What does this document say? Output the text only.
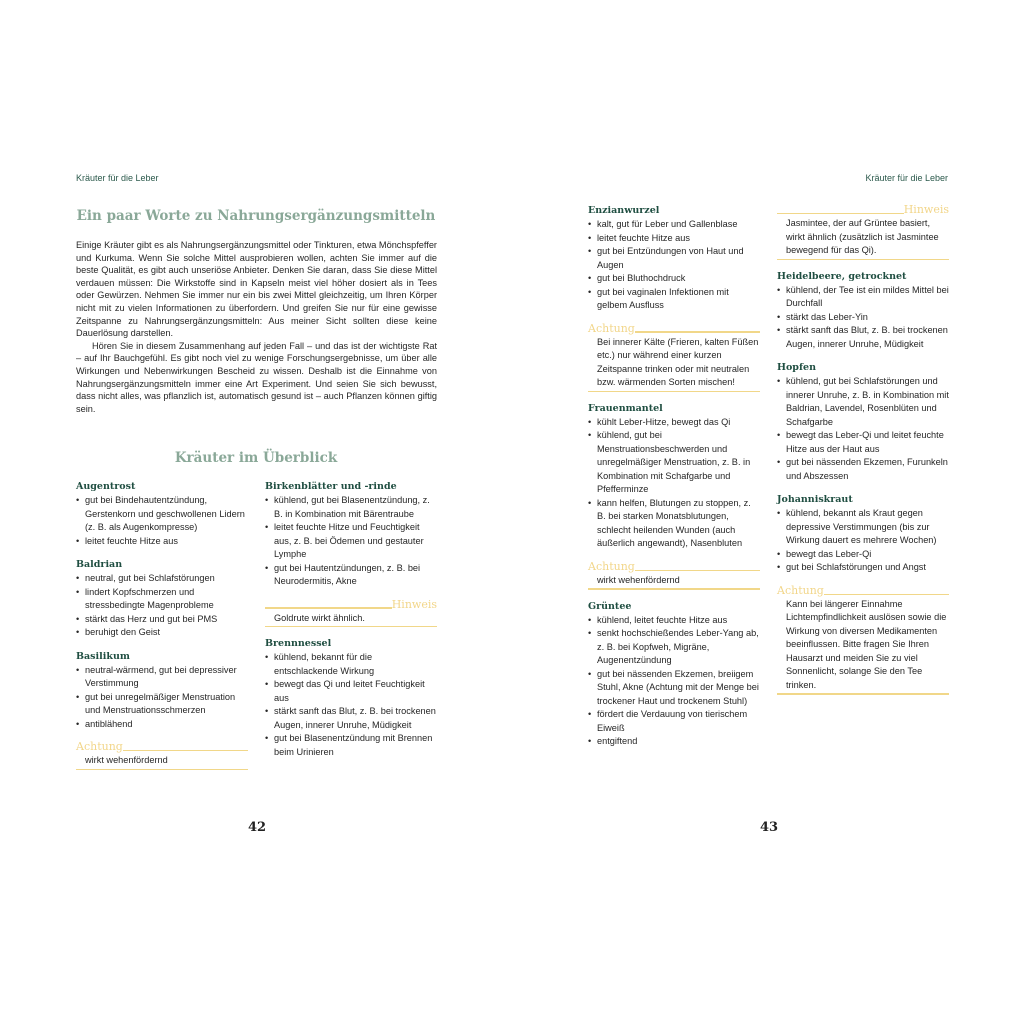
Kräuter für die Leber
Ein paar Worte zu Nahrungsergänzungsmitteln

Einige Kräuter gibt es als Nahrungsergänzungsmittel oder Tinkturen, etwa Mönchspfeffer und Kurkuma. Wenn Sie solche Mittel ausprobieren wollen, achten Sie immer auf die beste Qualität, es gibt auch unseriöse Anbieter. Denken Sie daran, dass Sie diese Mittel verdauen müssen: Die Wirkstoffe sind in Kapseln meist viel höher dosiert als in Tees oder Gewürzen. Nehmen Sie immer nur ein bis zwei Mittel gleichzeitig, um Ihren Körper nicht mit zu vielen Informationen zu überfordern. Und greifen Sie nur für eine gewisse Zeitspanne zu Nahrungsergänzungsmitteln: Aus meiner Sicht sollten diese keine Dauerlösung darstellen.

Hören Sie in diesem Zusammenhang auf jeden Fall – und das ist der wichtigste Rat – auf Ihr Bauchgefühl. Es gibt noch viel zu wenige Forschungsergebnisse, um über alle Wirkungen und Nebenwirkungen Bescheid zu wissen. Deshalb ist die Einnahme von Nahrungsergänzungsmitteln immer eine Art Experiment. Und seien Sie sich bewusst, dass nicht alles, was pflanzlich ist, automatisch gesund ist – auch Pflanzen können giftig sein.

Kräuter im Überblick
Augentrost
• gut bei Bindehautentzündung, Gerstenkorn und geschwollenen Lidern (z. B. als Augenkompresse)
• leitet feuchte Hitze aus
Baldrian
• neutral, gut bei Schlafstörungen
• lindert Kopfschmerzen und stressbedingte Magenprobleme
• stärkt das Herz und gut bei PMS
• beruhigt den Geist
Basilikum
• neutral-wärmend, gut bei depressiver Verstimmung
• gut bei unregelmäßiger Menstruation und Menstruationsschmerzen
• antiblähend
Achtung
wirkt wehenfördernd
Birkenblätter und -rinde
• kühlend, gut bei Blasenentzündung, z. B. in Kombination mit Bärentraube
• leitet feuchte Hitze und Feuchtigkeit aus, z. B. bei Ödemen und gestauter Lymphe
• gut bei Hautentzündungen, z. B. bei Neurodermitis, Akne
Hinweis
Goldrute wirkt ähnlich.
Brennnessel
• kühlend, bekannt für die entschlackende Wirkung
• bewegt das Qi und leitet Feuchtigkeit aus
• stärkt sanft das Blut, z. B. bei trockenen Augen, innerer Unruhe, Müdigkeit
• gut bei Blasenentzündung mit Brennen beim Urinieren
42
Kräuter für die Leber
Enzianwurzel
• kalt, gut für Leber und Gallenblase
• leitet feuchte Hitze aus
• gut bei Entzündungen von Haut und Augen
• gut bei Bluthochdruck
• gut bei vaginalen Infektionen mit gelbem Ausfluss
Achtung
Bei innerer Kälte (Frieren, kalten Füßen etc.) nur während einer kurzen Zeitspanne trinken oder mit neutralen bzw. wärmenden Sorten mischen!
Frauenmantel
• kühlt Leber-Hitze, bewegt das Qi
• kühlend, gut bei Menstruationsbeschwerden und unregelmäßiger Menstruation, z. B. in Kombination mit Schafgarbe und Pfefferminze
• kann helfen, Blutungen zu stoppen, z. B. bei starken Monatsblutungen, schlecht heilenden Wunden (auch äußerlich angewandt), Nasenbluten
Achtung
wirkt wehenfördernd
Grüntee
• kühlend, leitet feuchte Hitze aus
• senkt hochschießendes Leber-Yang ab, z. B. bei Kopfweh, Migräne, Augenentzündung
• gut bei nässenden Ekzemen, breiigem Stuhl, Akne (Achtung mit der Menge bei trockener Haut und trockenem Stuhl)
• fördert die Verdauung von tierischem Eiweiß
• entgiftend
Hinweis
Jasmintee, der auf Grüntee basiert, wirkt ähnlich (zusätzlich ist Jasmintee bewegend für das Qi).
Heidelbeere, getrocknet
• kühlend, der Tee ist ein mildes Mittel bei Durchfall
• stärkt das Leber-Yin
• stärkt sanft das Blut, z. B. bei trockenen Augen, innerer Unruhe, Müdigkeit
Hopfen
• kühlend, gut bei Schlafstörungen und innerer Unruhe, z. B. in Kombination mit Baldrian, Lavendel, Rosenblüten und Schafgarbe
• bewegt das Leber-Qi und leitet feuchte Hitze aus der Haut aus
• gut bei nässenden Ekzemen, Furunkeln und Abszessen
Johanniskraut
• kühlend, bekannt als Kraut gegen depressive Verstimmungen (bis zur Wirkung dauert es mehrere Wochen)
• bewegt das Leber-Qi
• gut bei Schlafstörungen und Angst
Achtung
Kann bei längerer Einnahme Lichtempfindlichkeit auslösen sowie die Wirkung von diversen Medikamenten beeinflussen. Bitte fragen Sie Ihren Hausarzt und meiden Sie zu viel Sonnenlicht, solange Sie den Tee trinken.
43
